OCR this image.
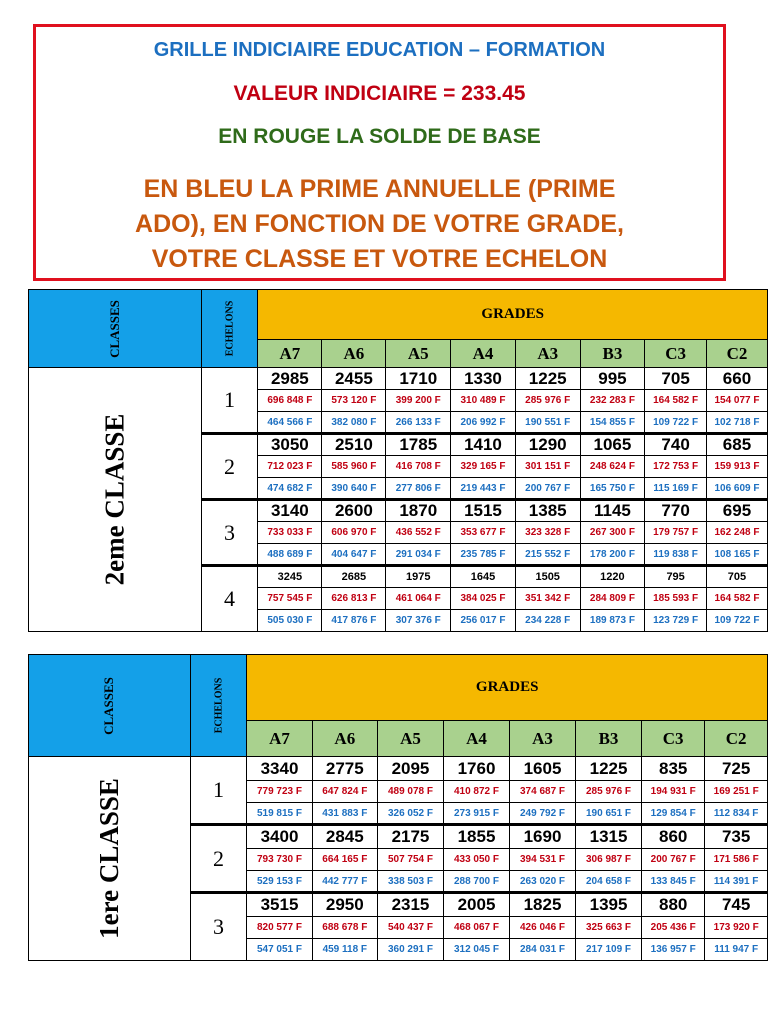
GRILLE INDICIAIRE EDUCATION – FORMATION
VALEUR INDICIAIRE = 233.45
EN ROUGE LA SOLDE DE BASE
EN BLEU LA PRIME ANNUELLE (PRIME
ADO), EN FONCTION DE VOTRE GRADE,
VOTRE CLASSE ET VOTRE ECHELON
CLASSES	ECHELONS	GRADES							
		A7	A6	A5	A4	A3	B3	C3	C2
2eme CLASSE	1	2985	2455	1710	1330	1225	995	705	660
		696 848 F	573 120 F	399 200 F	310 489 F	285 976 F	232 283 F	164 582 F	154 077 F
		464 566 F	382 080 F	266 133 F	206 992 F	190 551 F	154 855 F	109 722 F	102 718 F
	2	3050	2510	1785	1410	1290	1065	740	685
		712 023 F	585 960 F	416 708 F	329 165 F	301 151 F	248 624 F	172 753 F	159 913 F
		474 682 F	390 640 F	277 806 F	219 443 F	200 767 F	165 750 F	115 169 F	106 609 F
	3	3140	2600	1870	1515	1385	1145	770	695
		733 033 F	606 970 F	436 552 F	353 677 F	323 328 F	267 300 F	179 757 F	162 248 F
		488 689 F	404 647 F	291 034 F	235 785 F	215 552 F	178 200 F	119 838 F	108 165 F
	4	3245	2685	1975	1645	1505	1220	795	705
		757 545 F	626 813 F	461 064 F	384 025 F	351 342 F	284 809 F	185 593 F	164 582 F
		505 030 F	417 876 F	307 376 F	256 017 F	234 228 F	189 873 F	123 729 F	109 722 F
CLASSES	ECHELONS	GRADES							
		A7	A6	A5	A4	A3	B3	C3	C2
1ere CLASSE	1	3340	2775	2095	1760	1605	1225	835	725
		779 723 F	647 824 F	489 078 F	410 872 F	374 687 F	285 976 F	194 931 F	169 251 F
		519 815 F	431 883 F	326 052 F	273 915 F	249 792 F	190 651 F	129 854 F	112 834 F
	2	3400	2845	2175	1855	1690	1315	860	735
		793 730 F	664 165 F	507 754 F	433 050 F	394 531 F	306 987 F	200 767 F	171 586 F
		529 153 F	442 777 F	338 503 F	288 700 F	263 020 F	204 658 F	133 845 F	114 391 F
	3	3515	2950	2315	2005	1825	1395	880	745
		820 577 F	688 678 F	540 437 F	468 067 F	426 046 F	325 663 F	205 436 F	173 920 F
		547 051 F	459 118 F	360 291 F	312 045 F	284 031 F	217 109 F	136 957 F	111 947 F
